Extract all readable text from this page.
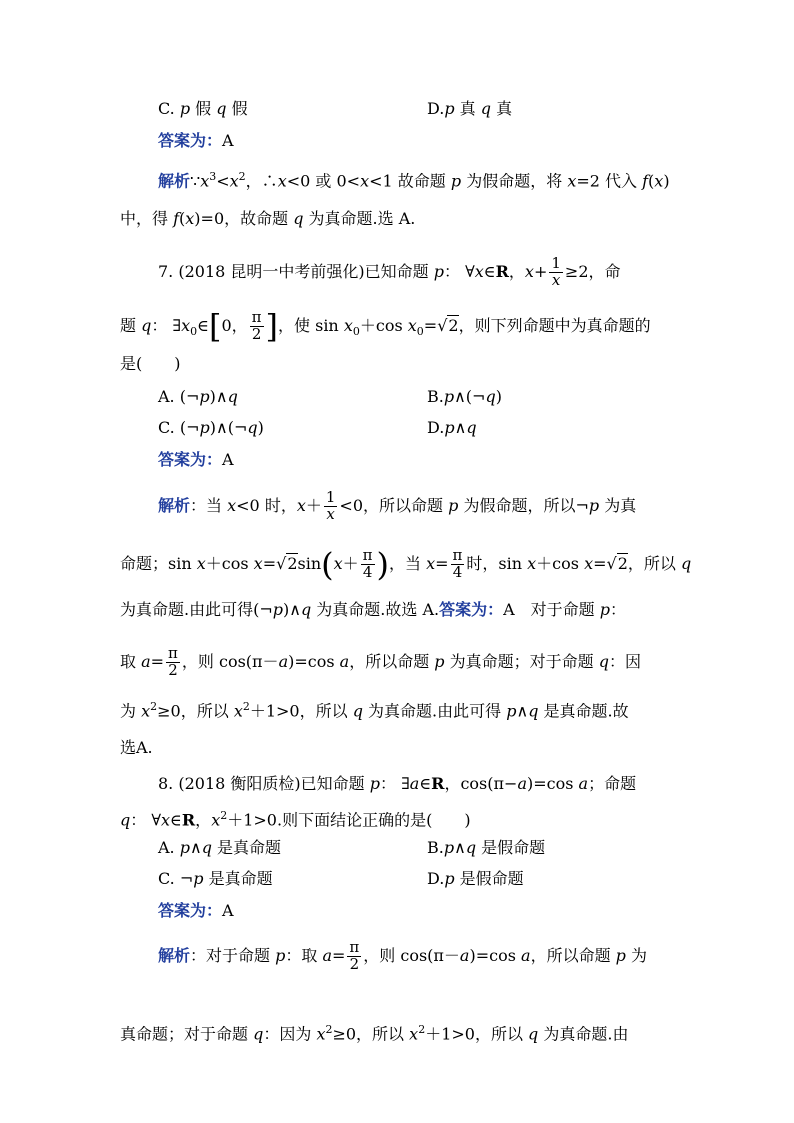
C. p 假 q 假	D.p 真 q 真
答案为：A
解析$\because x^3<x^2$，∴x<0 或 0<x<1 故命题 p 为假命题，将 x=2 代入 f(x)
中，得 f(x)=0，故命题 q 为真命题.选 A.
7. (2018 昆明一中考前强化)已知命题 p： ∀x∈R，$x+ \frac{1}{x} \ge 2$，命
题 q： $\exists x_0\in[0$， $\frac{\pi}{2}$ ]，使 $\sin x_0+\cos$ $x_0=√2$，则下列命题中为真命题的
是(　　)
A. (¬p)∧q	B.p∧(¬q)
C. (¬p)∧(¬q)	D.p∧q
答案为：A
解析：当 x<0 时，$x+ \frac{1}{x} <0$，所以命题 p 为假命题，所以¬p 为真
命题；sin x＋cos $x=√2\sin(x+ \frac{\pi}{4}$ )，当 $x= \frac{\pi}{4}$ 时，sin x＋cos x=√2，所以 q
为真命题.由此可得(¬p)∧q 为真命题.故选 A.答案为：A　对于命题 p：
取 $a= \frac{\pi}{2}$ ，则 cos(π－a)=cos a，所以命题 p 为真命题；对于命题 q：因
为 $x^2\ge 0$，所以 $x^2+1>0$，所以 q 为真命题.由此可得 p∧q 是真命题.故
选A.
8. (2018 衡阳质检)已知命题 p： ∃a∈R，cos(π−a)=cos a；命题
q： ∀x∈R，$x^2+1>0$.则下面结论正确的是(　　)
A. p∧q 是真命题	B.p∧q 是假命题
C. ¬p 是真命题	D.p 是假命题
答案为：A
解析：对于命题 p：取 $a= \frac{\pi}{2}$ ，则 cos(π－a)=cos a，所以命题 p 为
真命题；对于命题 q：因为 $x^2\ge 0$，所以 $x^2+1>0$，所以 q 为真命题.由
